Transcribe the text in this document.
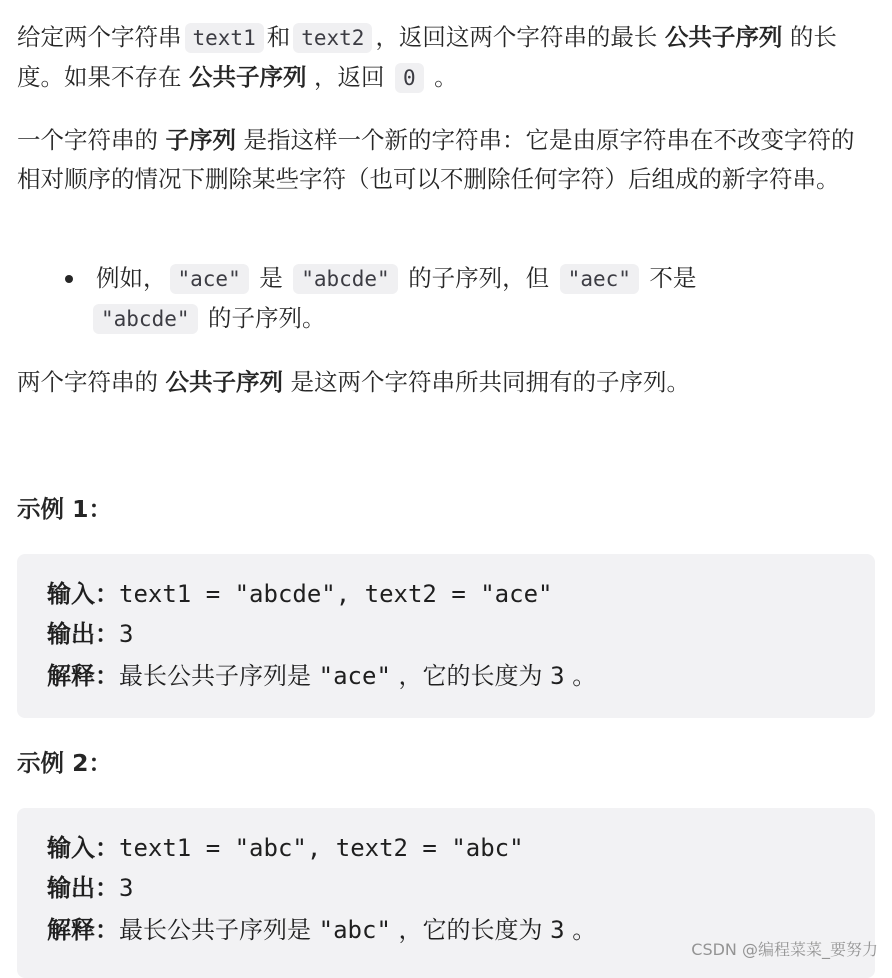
给定两个字符串 text1 和 text2 ，返回这两个字符串的最长 公共子序列 的长度。如果不存在 公共子序列 ，返回 0 。

一个字符串的 子序列 是指这样一个新的字符串：它是由原字符串在不改变字符的相对顺序的情况下删除某些字符（也可以不删除任何字符）后组成的新字符串。

例如， "ace" 是 "abcde" 的子序列，但 "aec" 不是
"abcde" 的子序列。

两个字符串的 公共子序列 是这两个字符串所共同拥有的子序列。

示例 1：
输入：text1 = "abcde", text2 = "ace"
输出：3
解释：最长公共子序列是 "ace" ，它的长度为 3 。
示例 2：
输入：text1 = "abc", text2 = "abc"
输出：3
解释：最长公共子序列是 "abc" ，它的长度为 3 。
CSDN @编程菜菜_要努力
